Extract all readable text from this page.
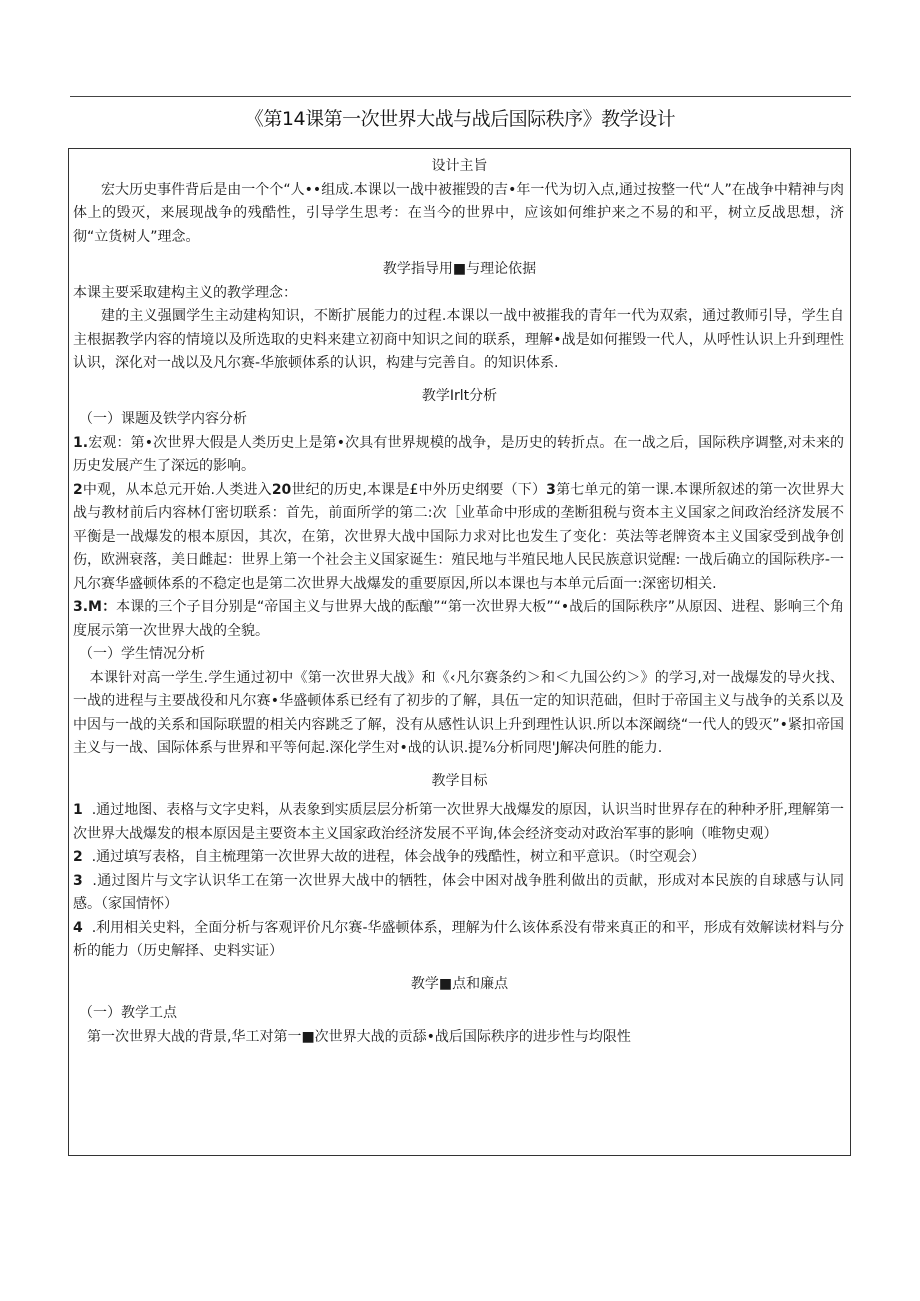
《第14课第一次世界大战与战后国际秩序》教学设计

设计主旨

宏大历史事件背后是由一个个“人••组成.本课以一战中被摧毁的吉•年一代为切入点,通过按整一代“人”在战争中精神与肉体上的毁灭，来展现战争的残酷性，引导学生思考：在当今的世界中，应该如何维护来之不易的和平，树立反战思想，济彻“立货树人”理念。

教学指导用■与理论依据

本课主要采取建构主义的教学理念：

建的主义强圜学生主动建构知识，不断扩展能力的过程.本课以一战中被摧我的青年一代为双索，通过教师引导，学生自主根据教学内容的情境以及所选取的史料来建立初商中知识之间的联系，理解•战是如何摧毁一代人，从呼性认识上升到理性认识，深化对一战以及凡尔赛-华旅顿体系的认识，构建与完善自。的知识体系.

教学Irlt分析

（一）课题及铁学内容分析

1.宏观：第•次世界大假是人类历史上是第•次具有世界规模的战争，是历史的转折点。在一战之后，国际秩序调整,对未来的历史发展产生了深远的影响。

2中观，从本总元开始.人类进入20世纪的历史,本课是£中外历史纲要（下）3第七单元的第一课.本课所叙述的第一次世界大战与教材前后内容林仃密切联系：首先，前面所学的第二:次［业革命中形成的垄断狙税与资本主义国家之间政治经济发展不平衡是一战爆发的根本原因，其次，在第，次世界大战中国际力求对比也发生了变化：英法等老牌资本主义国家受到战争创伤，欧洲衰落，美日雌起：世界上第一个社会主义国家诞生：殖民地与半殖民地人民民族意识觉醒: 一战后确立的国际秩序-一凡尔赛华盛顿体系的不稳定也是第二次世界大战爆发的重要原因,所以本课也与本单元后面一:深密切相关.

3.M：本课的三个子目分别是“帝国主义与世界大战的酝酿”“第一次世界大板”“•战后的国际秩序”从原因、进程、影响三个角度展示第一次世界大战的全貌。

（一）学生情况分析

本课针对高一学生.学生通过初中《第一次世界大战》和《‹凡尔赛条约＞和＜九国公约＞》的学习,对一战爆发的导火找、一战的进程与主要战役和凡尔赛•华盛顿体系已经有了初步的了解，具伍一定的知识范础，但时于帝国主义与战争的关系以及中因与一战的关系和国际联盟的相关内容跳乏了解，没有从感性认识上升到理性认识.所以本深阚绕“一代人的毁灭”•紧扣帝国主义与一战、国际体系与世界和平等何起.深化学生对•战的认识.提⅞分析同咫'J解决何胜的能力.

教学目标

1 .通过地图、表格与文字史料，从表象到实质层层分析第一次世界大战爆发的原因，认识当时世界存在的种种矛肝,理解第一次世界大战爆发的根本原因是主要资本主义国家政治经济发展不平询,体会经济变动对政治军事的影响（唯物史观）

2 .通过填写表格，自主梳理第一次世界大故的进程，体会战争的残酷性，树立和平意识。（时空观会）

3 .通过图片与文字认识华工在第一次世界大战中的牺牲，体会中困对战争胜利做出的贡献，形成对本民族的自球感与认同感。（家国情怀）

4 .利用相关史料，全面分析与客观评价凡尔赛-华盛顿体系，理解为什么该体系没有带来真正的和平，形成有效解读材料与分析的能力（历史解择、史料实证）

教学■点和廉点

（一）教学工点

第一次世界大战的背景,华工对第一■次世界大战的贡舔•战后国际秩序的进步性与均限性
